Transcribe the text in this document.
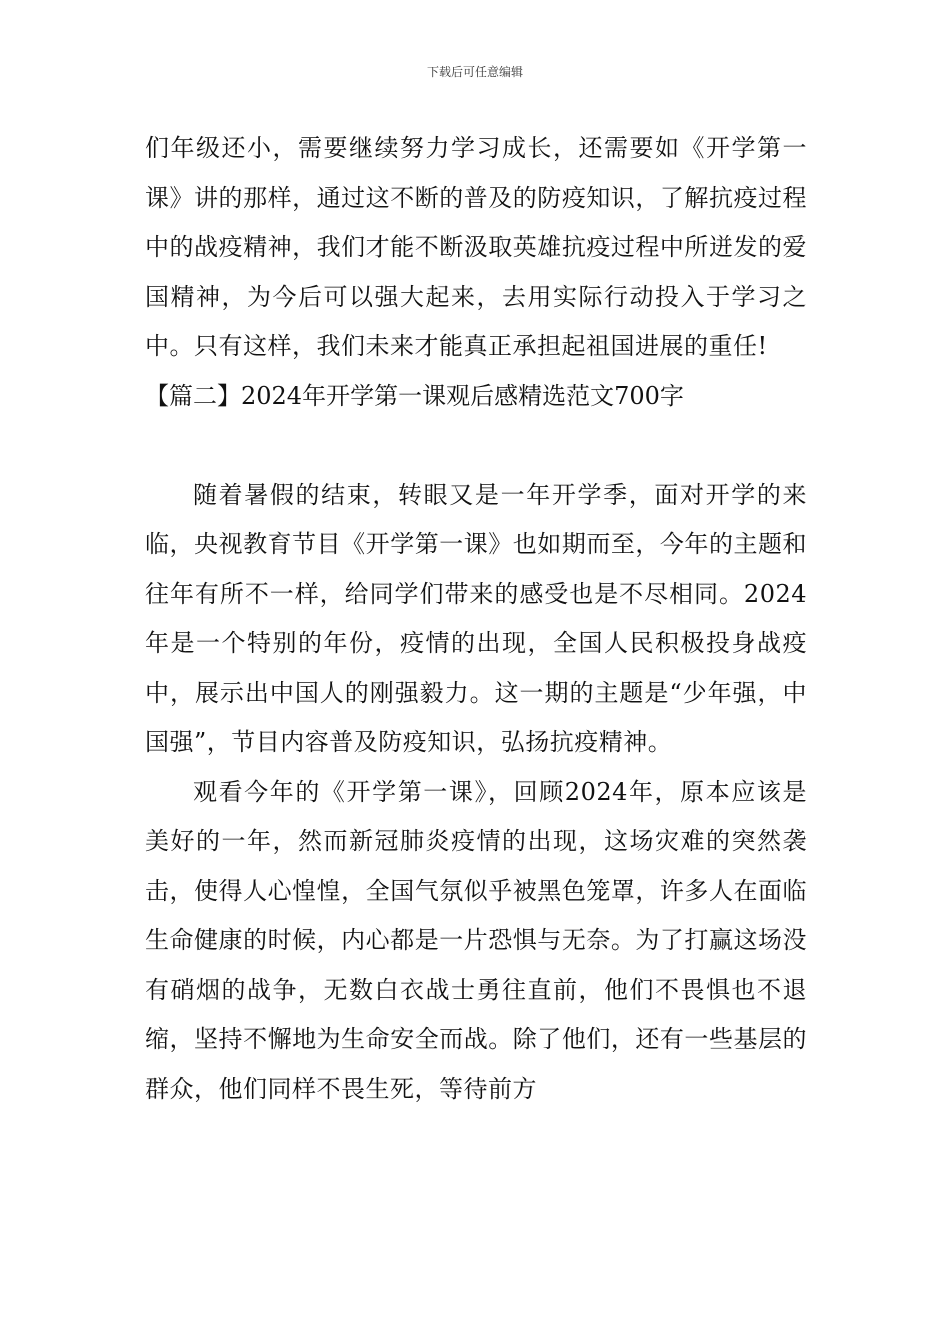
下载后可任意编辑

们年级还小，需要继续努力学习成长，还需要如《开学第一课》讲的那样，通过这不断的普及的防疫知识，了解抗疫过程中的战疫精神，我们才能不断汲取英雄抗疫过程中所迸发的爱国精神，为今后可以强大起来，去用实际行动投入于学习之中。只有这样，我们未来才能真正承担起祖国进展的重任!

【篇二】2024年开学第一课观后感精选范文700字

随着暑假的结束，转眼又是一年开学季，面对开学的来临，央视教育节目《开学第一课》也如期而至，今年的主题和往年有所不一样，给同学们带来的感受也是不尽相同。2024年是一个特别的年份，疫情的出现，全国人民积极投身战疫中，展示出中国人的刚强毅力。这一期的主题是“少年强，中国强”，节目内容普及防疫知识，弘扬抗疫精神。

观看今年的《开学第一课》，回顾2024年，原本应该是美好的一年，然而新冠肺炎疫情的出现，这场灾难的突然袭击，使得人心惶惶，全国气氛似乎被黑色笼罩，许多人在面临生命健康的时候，内心都是一片恐惧与无奈。为了打赢这场没有硝烟的战争，无数白衣战士勇往直前，他们不畏惧也不退缩，坚持不懈地为生命安全而战。除了他们，还有一些基层的群众，他们同样不畏生死，等待前方
